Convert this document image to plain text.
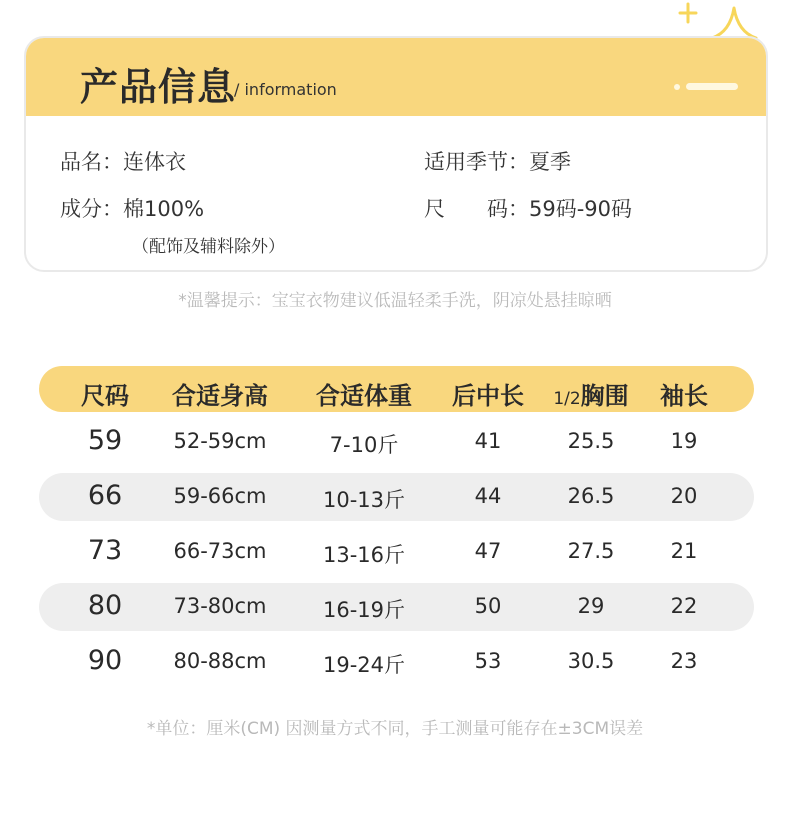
产品信息
/ information
品名：连体衣	适用季节：夏季
成分：棉100%	尺　　码：59码-90码
（配饰及辅料除外）
*温馨提示：宝宝衣物建议低温轻柔手洗，阴凉处悬挂晾晒
尺码 合适身高 合适体重 后中长 1/2胸围 袖长
59 52-59cm	7-10斤	41	25.5	19
66 59-66cm	10-13斤	44	26.5	20
73 66-73cm	13-16斤	47	27.5	21
80 73-80cm	16-19斤	50	29	22
90 80-88cm	19-24斤	53	30.5	23
*单位：厘米(CM) 因测量方式不同，手工测量可能存在±3CM误差
